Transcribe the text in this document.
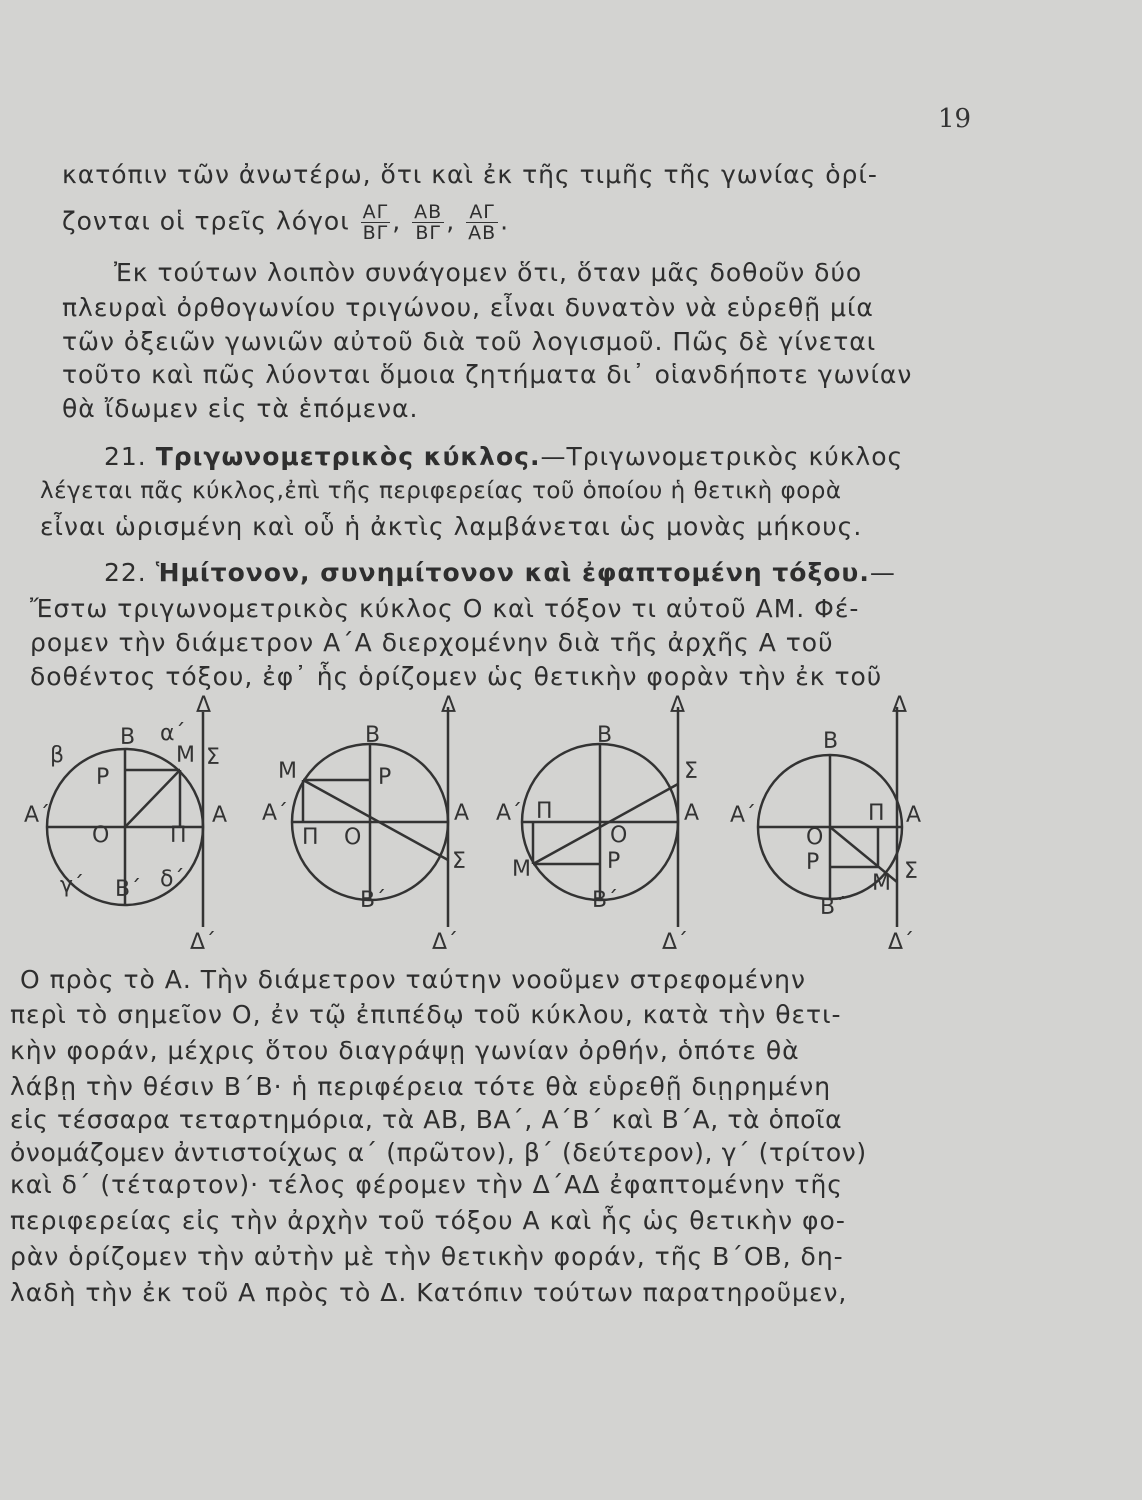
19
κατόπιν τῶν ἀνωτέρω, ὅτι καὶ ἐκ τῆς τιμῆς τῆς γωνίας ὁρί-
ζονται οἱ τρεῖς λόγοι $\frac{A\Gamma}{B\Gamma}$ , $\frac{AB}{B\Gamma}$ , $\frac{A\Gamma}{AB}$ .
Ἐκ τούτων λοιπὸν συνάγομεν ὅτι, ὅταν μᾶς δοθοῦν δύο
πλευραὶ ὀρθογωνίου τριγώνου, εἶναι δυνατὸν νὰ εὑρεθῇ μία
τῶν ὀξειῶν γωνιῶν αὐτοῦ διὰ τοῦ λογισμοῦ. Πῶς δὲ γίνεται
τοῦτο καὶ πῶς λύονται ὅμοια ζητήματα δι᾿ οἱανδήποτε γωνίαν
θὰ ἴδωμεν εἰς τὰ ἑπόμενα.
21. Τριγωνομετρικὸς κύκλος.—Τριγωνομετρικὸς κύκλος
λέγεται πᾶς κύκλος,ἐπὶ τῆς περιφερείας τοῦ ὁποίου ἡ θετικὴ φορὰ
εἶναι ὡρισμένη καὶ οὗ ἡ ἀκτὶς λαμβάνεται ὡς μονὰς μήκους.
22. Ἡμίτονον, συνημίτονον καὶ ἐφαπτομένη τόξου.—
Ἔστω τριγωνομετρικὸς κύκλος Ο καὶ τόξον τι αὐτοῦ ΑΜ. Φέ-
ρομεν τὴν διάμετρον Α΄Α διερχομένην διὰ τῆς ἀρχῆς Α τοῦ
δοθέντος τόξου, ἐφ᾿ ἧς ὁρίζομεν ὡς θετικὴν φορὰν τὴν ἐκ τοῦ
Δ
Δ΄
Β
Β΄
Α
Α΄
Ο
Ρ
Π
Μ Σ
α΄
β
γ΄	δ΄
Δ
Δ΄
Β
Β΄
Α
Α΄
Ο
Ρ
Π
Μ
Σ
Δ
Δ΄
Β
Β΄
Α
Α΄
Ο
Ρ
Π
Μ
Σ
Δ
Δ΄
Β
Β΄
Α
Α΄
Ο
Ρ
Π
Μ Σ
Ο πρὸς τὸ Α. Τὴν διάμετρον ταύτην νοοῦμεν στρεφομένην
περὶ τὸ σημεῖον Ο, ἐν τῷ ἐπιπέδῳ τοῦ κύκλου, κατὰ τὴν θετι-
κὴν φοράν, μέχρις ὅτου διαγράψῃ γωνίαν ὀρθήν, ὁπότε θὰ
λάβῃ τὴν θέσιν Β΄Β· ἡ περιφέρεια τότε θὰ εὑρεθῇ διῃρημένη
εἰς τέσσαρα τεταρτημόρια, τὰ ΑΒ, ΒΑ΄, Α΄Β΄ καὶ Β΄Α, τὰ ὁποῖα
ὀνομάζομεν ἀντιστοίχως α΄ (πρῶτον), β΄ (δεύτερον), γ΄ (τρίτον)
καὶ δ΄ (τέταρτον)· τέλος φέρομεν τὴν Δ΄ΑΔ ἐφαπτομένην τῆς
περιφερείας εἰς τὴν ἀρχὴν τοῦ τόξου Α καὶ ἧς ὡς θετικὴν φο-
ρὰν ὁρίζομεν τὴν αὐτὴν μὲ τὴν θετικὴν φοράν, τῆς Β΄ΟΒ, δη-
λαδὴ τὴν ἐκ τοῦ Α πρὸς τὸ Δ. Κατόπιν τούτων παρατηροῦμεν,
